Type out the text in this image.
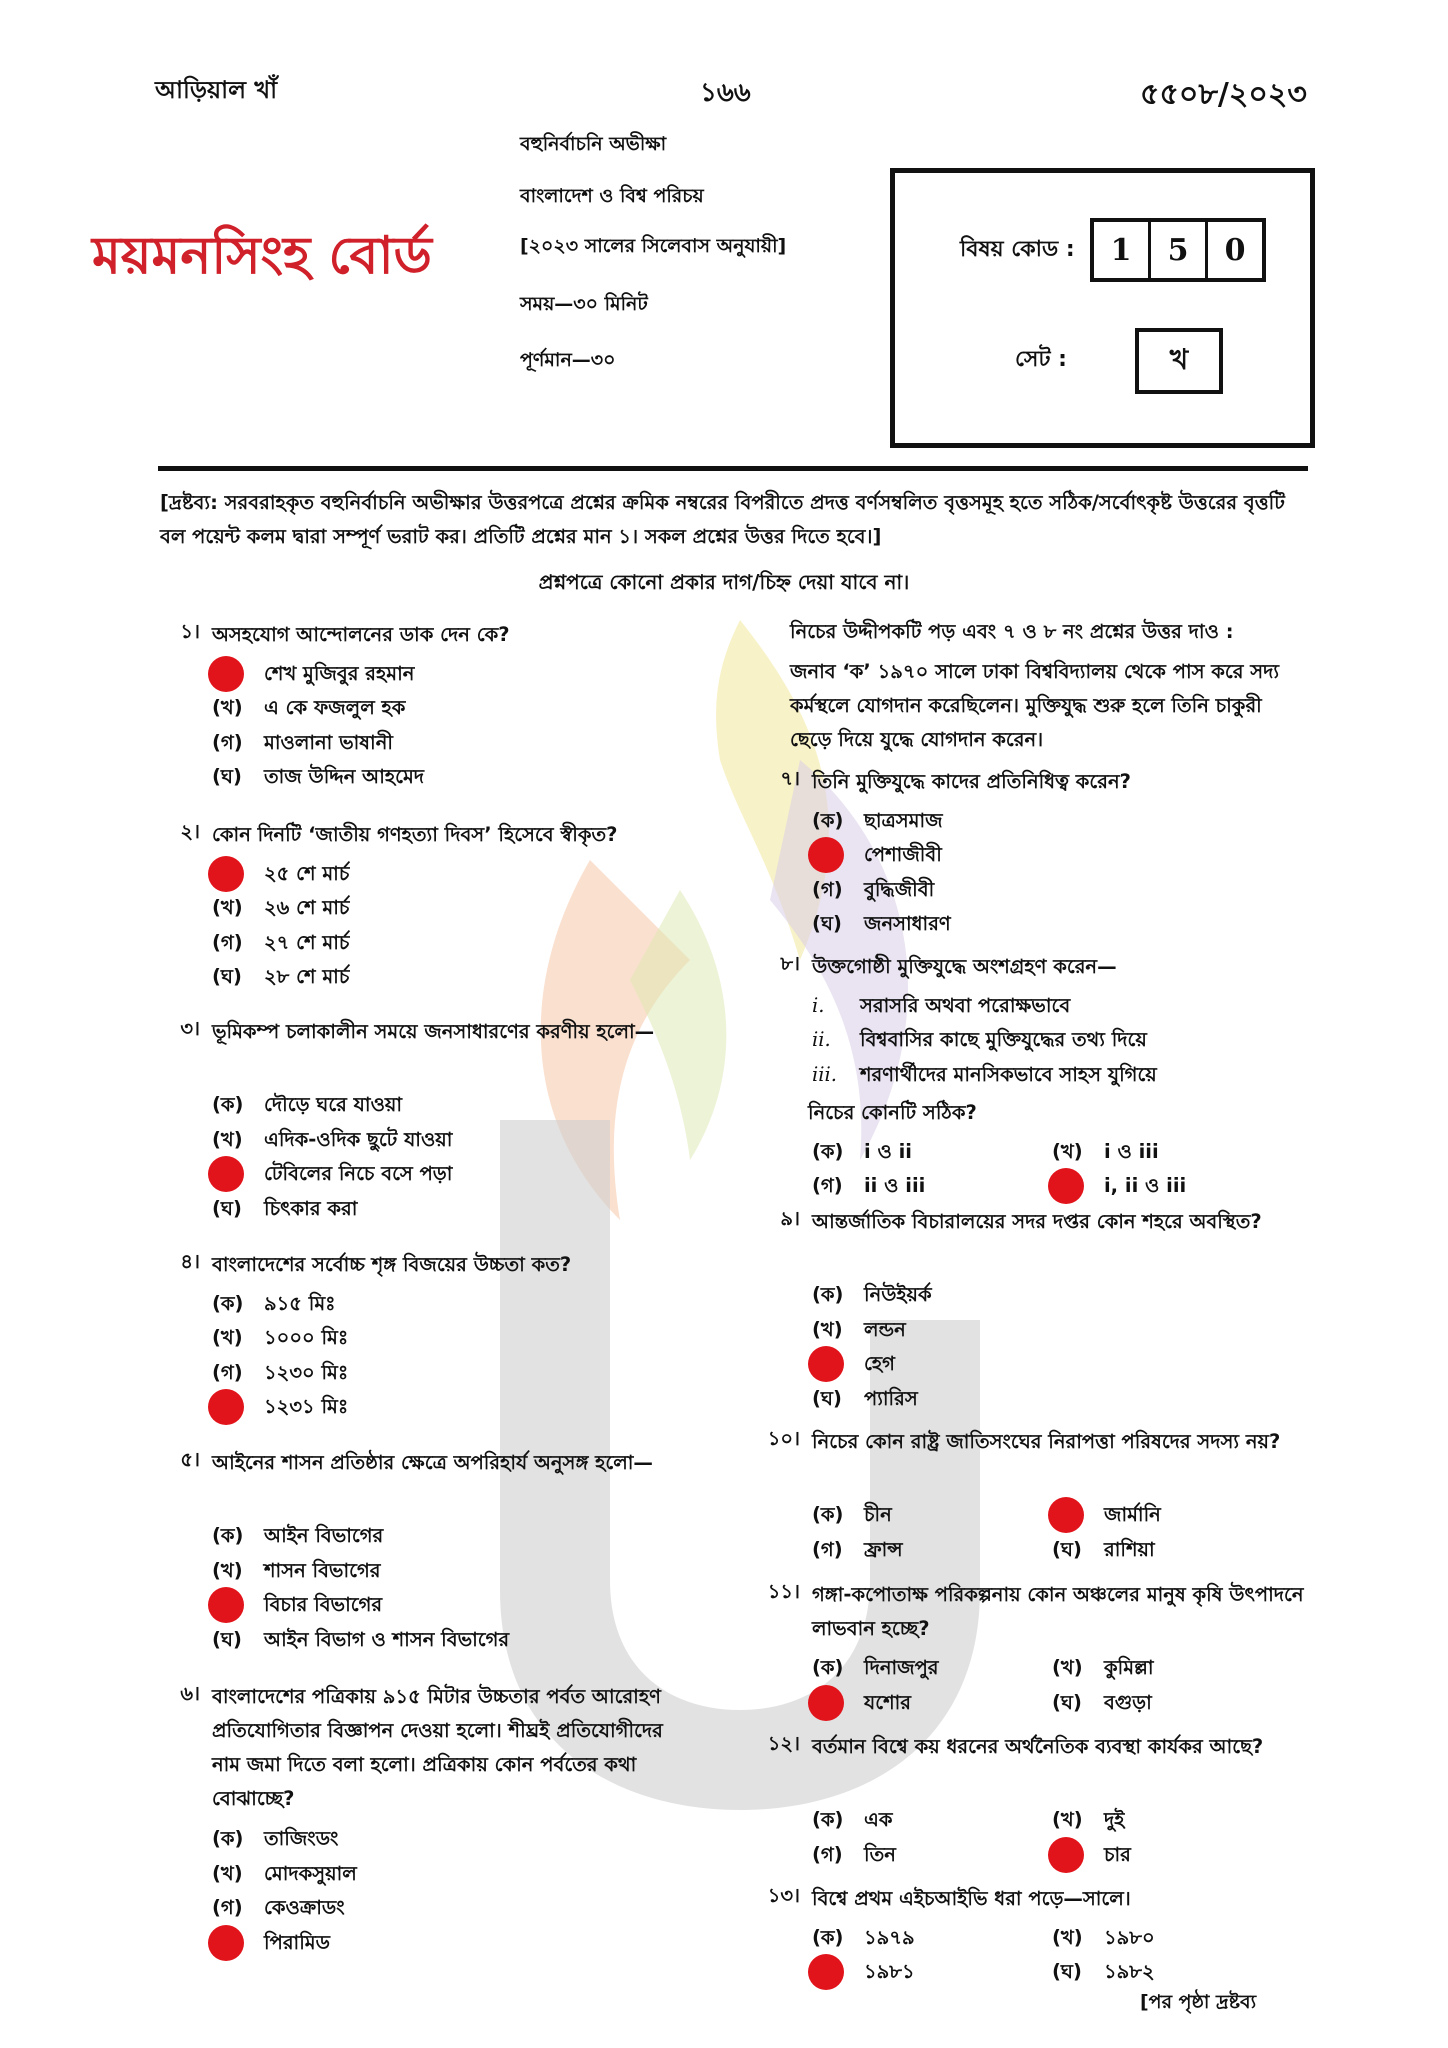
আড়িয়াল খাঁ	১৬৬	৫৫০৮/২০২৩
ময়মনসিংহ বোর্ড
বহুনির্বাচনি অভীক্ষা
বাংলাদেশ ও বিশ্ব পরিচয়
[২০২৩ সালের সিলেবাস অনুযায়ী]
সময়—৩০ মিনিট
পূর্ণমান—৩০
বিষয় কোড :	1	5	0
সেট :	খ
[দ্রষ্টব্য: সরবরাহকৃত বহুনির্বাচনি অভীক্ষার উত্তরপত্রে প্রশ্নের ক্রমিক নম্বরের বিপরীতে প্রদত্ত বর্ণসম্বলিত বৃত্তসমূহ হতে সঠিক/সর্বোৎকৃষ্ট উত্তরের বৃত্তটি বল পয়েন্ট কলম দ্বারা সম্পূর্ণ ভরাট কর। প্রতিটি প্রশ্নের মান ১। সকল প্রশ্নের উত্তর দিতে হবে।]
প্রশ্নপত্রে কোনো প্রকার দাগ/চিহ্ন দেয়া যাবে না।
নিচের উদ্দীপকটি পড় এবং ৭ ও ৮ নং প্রশ্নের উত্তর দাও :
জনাব ‘ক’ ১৯৭০ সালে ঢাকা বিশ্ববিদ্যালয় থেকে পাস করে সদ্য কর্মস্থলে যোগদান করেছিলেন। মুক্তিযুদ্ধ শুরু হলে তিনি চাকুরী ছেড়ে দিয়ে যুদ্ধে যোগদান করেন।
১। অসহযোগ আন্দোলনের ডাক দেন কে?
শেখ মুজিবুর রহমান
(খ) এ কে ফজলুল হক
(গ) মাওলানা ভাষানী
(ঘ) তাজ উদ্দিন আহমেদ
২। কোন দিনটি ‘জাতীয় গণহত্যা দিবস’ হিসেবে স্বীকৃত?
২৫ শে মার্চ
(খ) ২৬ শে মার্চ
(গ) ২৭ শে মার্চ
(ঘ) ২৮ শে মার্চ
৩। ভূমিকম্প চলাকালীন সময়ে জনসাধারণের করণীয় হলো—
(ক) দৌড়ে ঘরে যাওয়া
(খ) এদিক-ওদিক ছুটে যাওয়া
টেবিলের নিচে বসে পড়া
(ঘ) চিৎকার করা
৪। বাংলাদেশের সর্বোচ্চ শৃঙ্গ বিজয়ের উচ্চতা কত?
(ক) ৯১৫ মিঃ
(খ) ১০০০ মিঃ
(গ) ১২৩০ মিঃ
১২৩১ মিঃ
৫। আইনের শাসন প্রতিষ্ঠার ক্ষেত্রে অপরিহার্য অনুসঙ্গ হলো—
(ক) আইন বিভাগের
(খ) শাসন বিভাগের
বিচার বিভাগের
(ঘ) আইন বিভাগ ও শাসন বিভাগের
৬। বাংলাদেশের পত্রিকায় ৯১৫ মিটার উচ্চতার পর্বত আরোহণ প্রতিযোগিতার বিজ্ঞাপন দেওয়া হলো। শীঘ্রই প্রতিযোগীদের নাম জমা দিতে বলা হলো। প্রত্রিকায় কোন পর্বতের কথা বোঝাচ্ছে?
(ক) তাজিংডং
(খ) মোদকসুয়াল
(গ) কেওক্রাডং
পিরামিড
৭। তিনি মুক্তিযুদ্ধে কাদের প্রতিনিধিত্ব করেন?
(ক) ছাত্রসমাজ
পেশাজীবী
(গ) বুদ্ধিজীবী
(ঘ) জনসাধারণ
৮। উক্তগোষ্ঠী মুক্তিযুদ্ধে অংশগ্রহণ করেন—
i. সরাসরি অথবা পরোক্ষভাবে
ii. বিশ্ববাসির কাছে মুক্তিযুদ্ধের তথ্য দিয়ে
iii. শরণার্থীদের মানসিকভাবে সাহস যুগিয়ে
নিচের কোনটি সঠিক?
(ক) i ও ii	(খ) i ও iii
(গ) ii ও iii	i, ii ও iii
৯। আন্তর্জাতিক বিচারালয়ের সদর দপ্তর কোন শহরে অবস্থিত?
(ক) নিউইয়র্ক
(খ) লন্ডন
হেগ
(ঘ) প্যারিস
১০। নিচের কোন রাষ্ট্র জাতিসংঘের নিরাপত্তা পরিষদের সদস্য নয়?
(ক) চীন	জার্মানি
(গ) ফ্রান্স	(ঘ) রাশিয়া
১১। গঙ্গা-কপোতাক্ষ পরিকল্পনায় কোন অঞ্চলের মানুষ কৃষি উৎপাদনে লাভবান হচ্ছে?
(ক) দিনাজপুর	(খ) কুমিল্লা
যশোর	(ঘ) বগুড়া
১২। বর্তমান বিশ্বে কয় ধরনের অর্থনৈতিক ব্যবস্থা কার্যকর আছে?
(ক) এক	(খ) দুই
(গ) তিন	চার
১৩। বিশ্বে প্রথম এইচআইভি ধরা পড়ে—সালে।
(ক) ১৯৭৯	(খ) ১৯৮০
১৯৮১	(ঘ) ১৯৮২
[পর পৃষ্ঠা দ্রষ্টব্য
